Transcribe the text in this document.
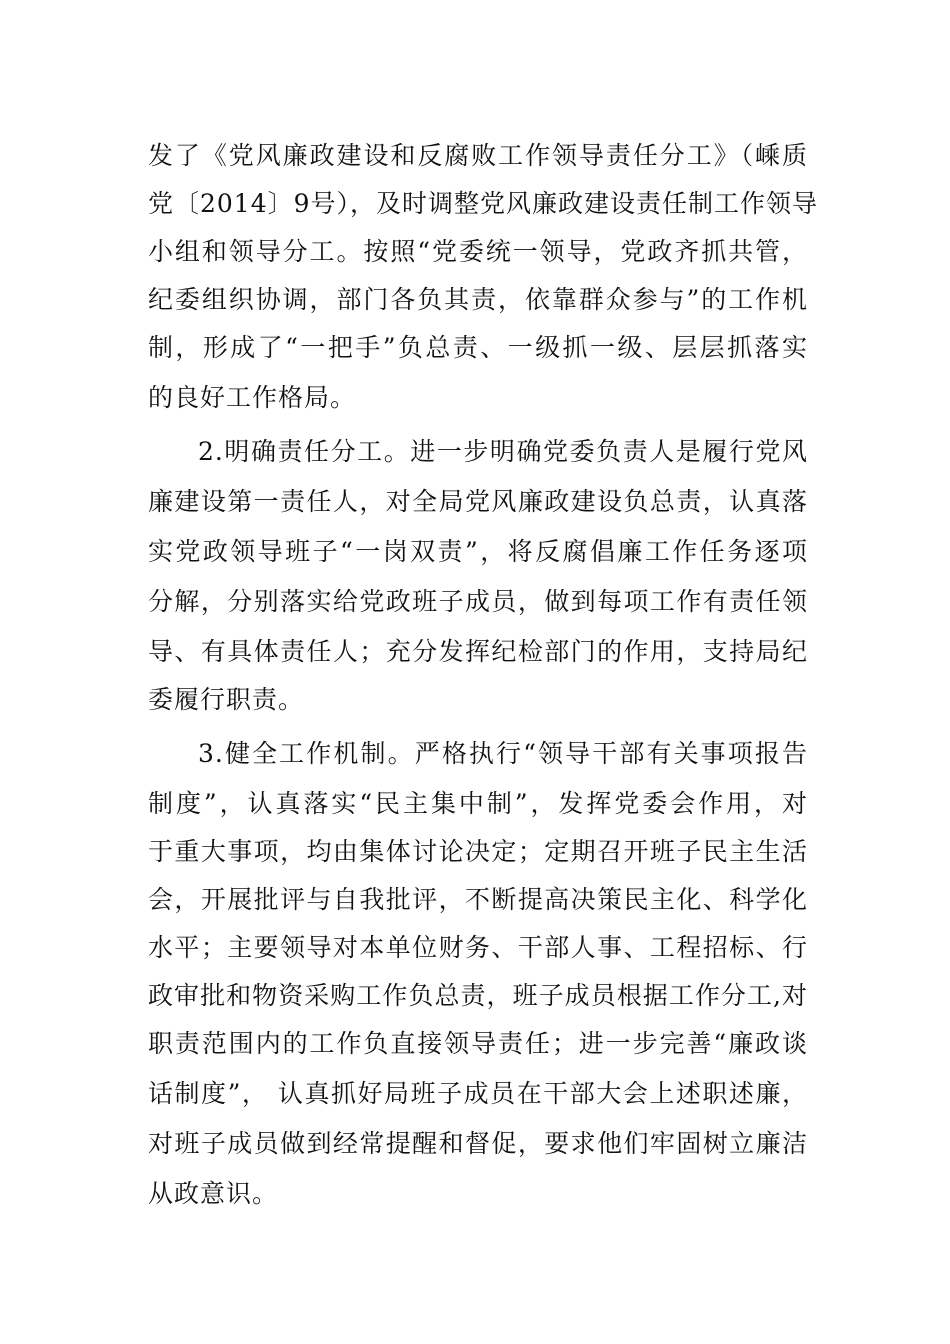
发了《党风廉政建设和反腐败工作领导责任分工》（嵊质
党〔2014〕9号），及时调整党风廉政建设责任制工作领导
小组和领导分工。按照“党委统一领导，党政齐抓共管，
纪委组织协调，部门各负其责，依靠群众参与”的工作机
制，形成了“一把手”负总责、一级抓一级、层层抓落实
的良好工作格局。
2.明确责任分工。进一步明确党委负责人是履行党风
廉建设第一责任人，对全局党风廉政建设负总责，认真落
实党政领导班子“一岗双责”，将反腐倡廉工作任务逐项
分解，分别落实给党政班子成员，做到每项工作有责任领
导、有具体责任人；充分发挥纪检部门的作用，支持局纪
委履行职责。
3.健全工作机制。严格执行“领导干部有关事项报告
制度”，认真落实“民主集中制”，发挥党委会作用，对
于重大事项，均由集体讨论决定；定期召开班子民主生活
会，开展批评与自我批评，不断提高决策民主化、科学化
水平；主要领导对本单位财务、干部人事、工程招标、行
政审批和物资采购工作负总责，班子成员根据工作分工,对
职责范围内的工作负直接领导责任；进一步完善“廉政谈
话制度”， 认真抓好局班子成员在干部大会上述职述廉，
对班子成员做到经常提醒和督促，要求他们牢固树立廉洁
从政意识。
